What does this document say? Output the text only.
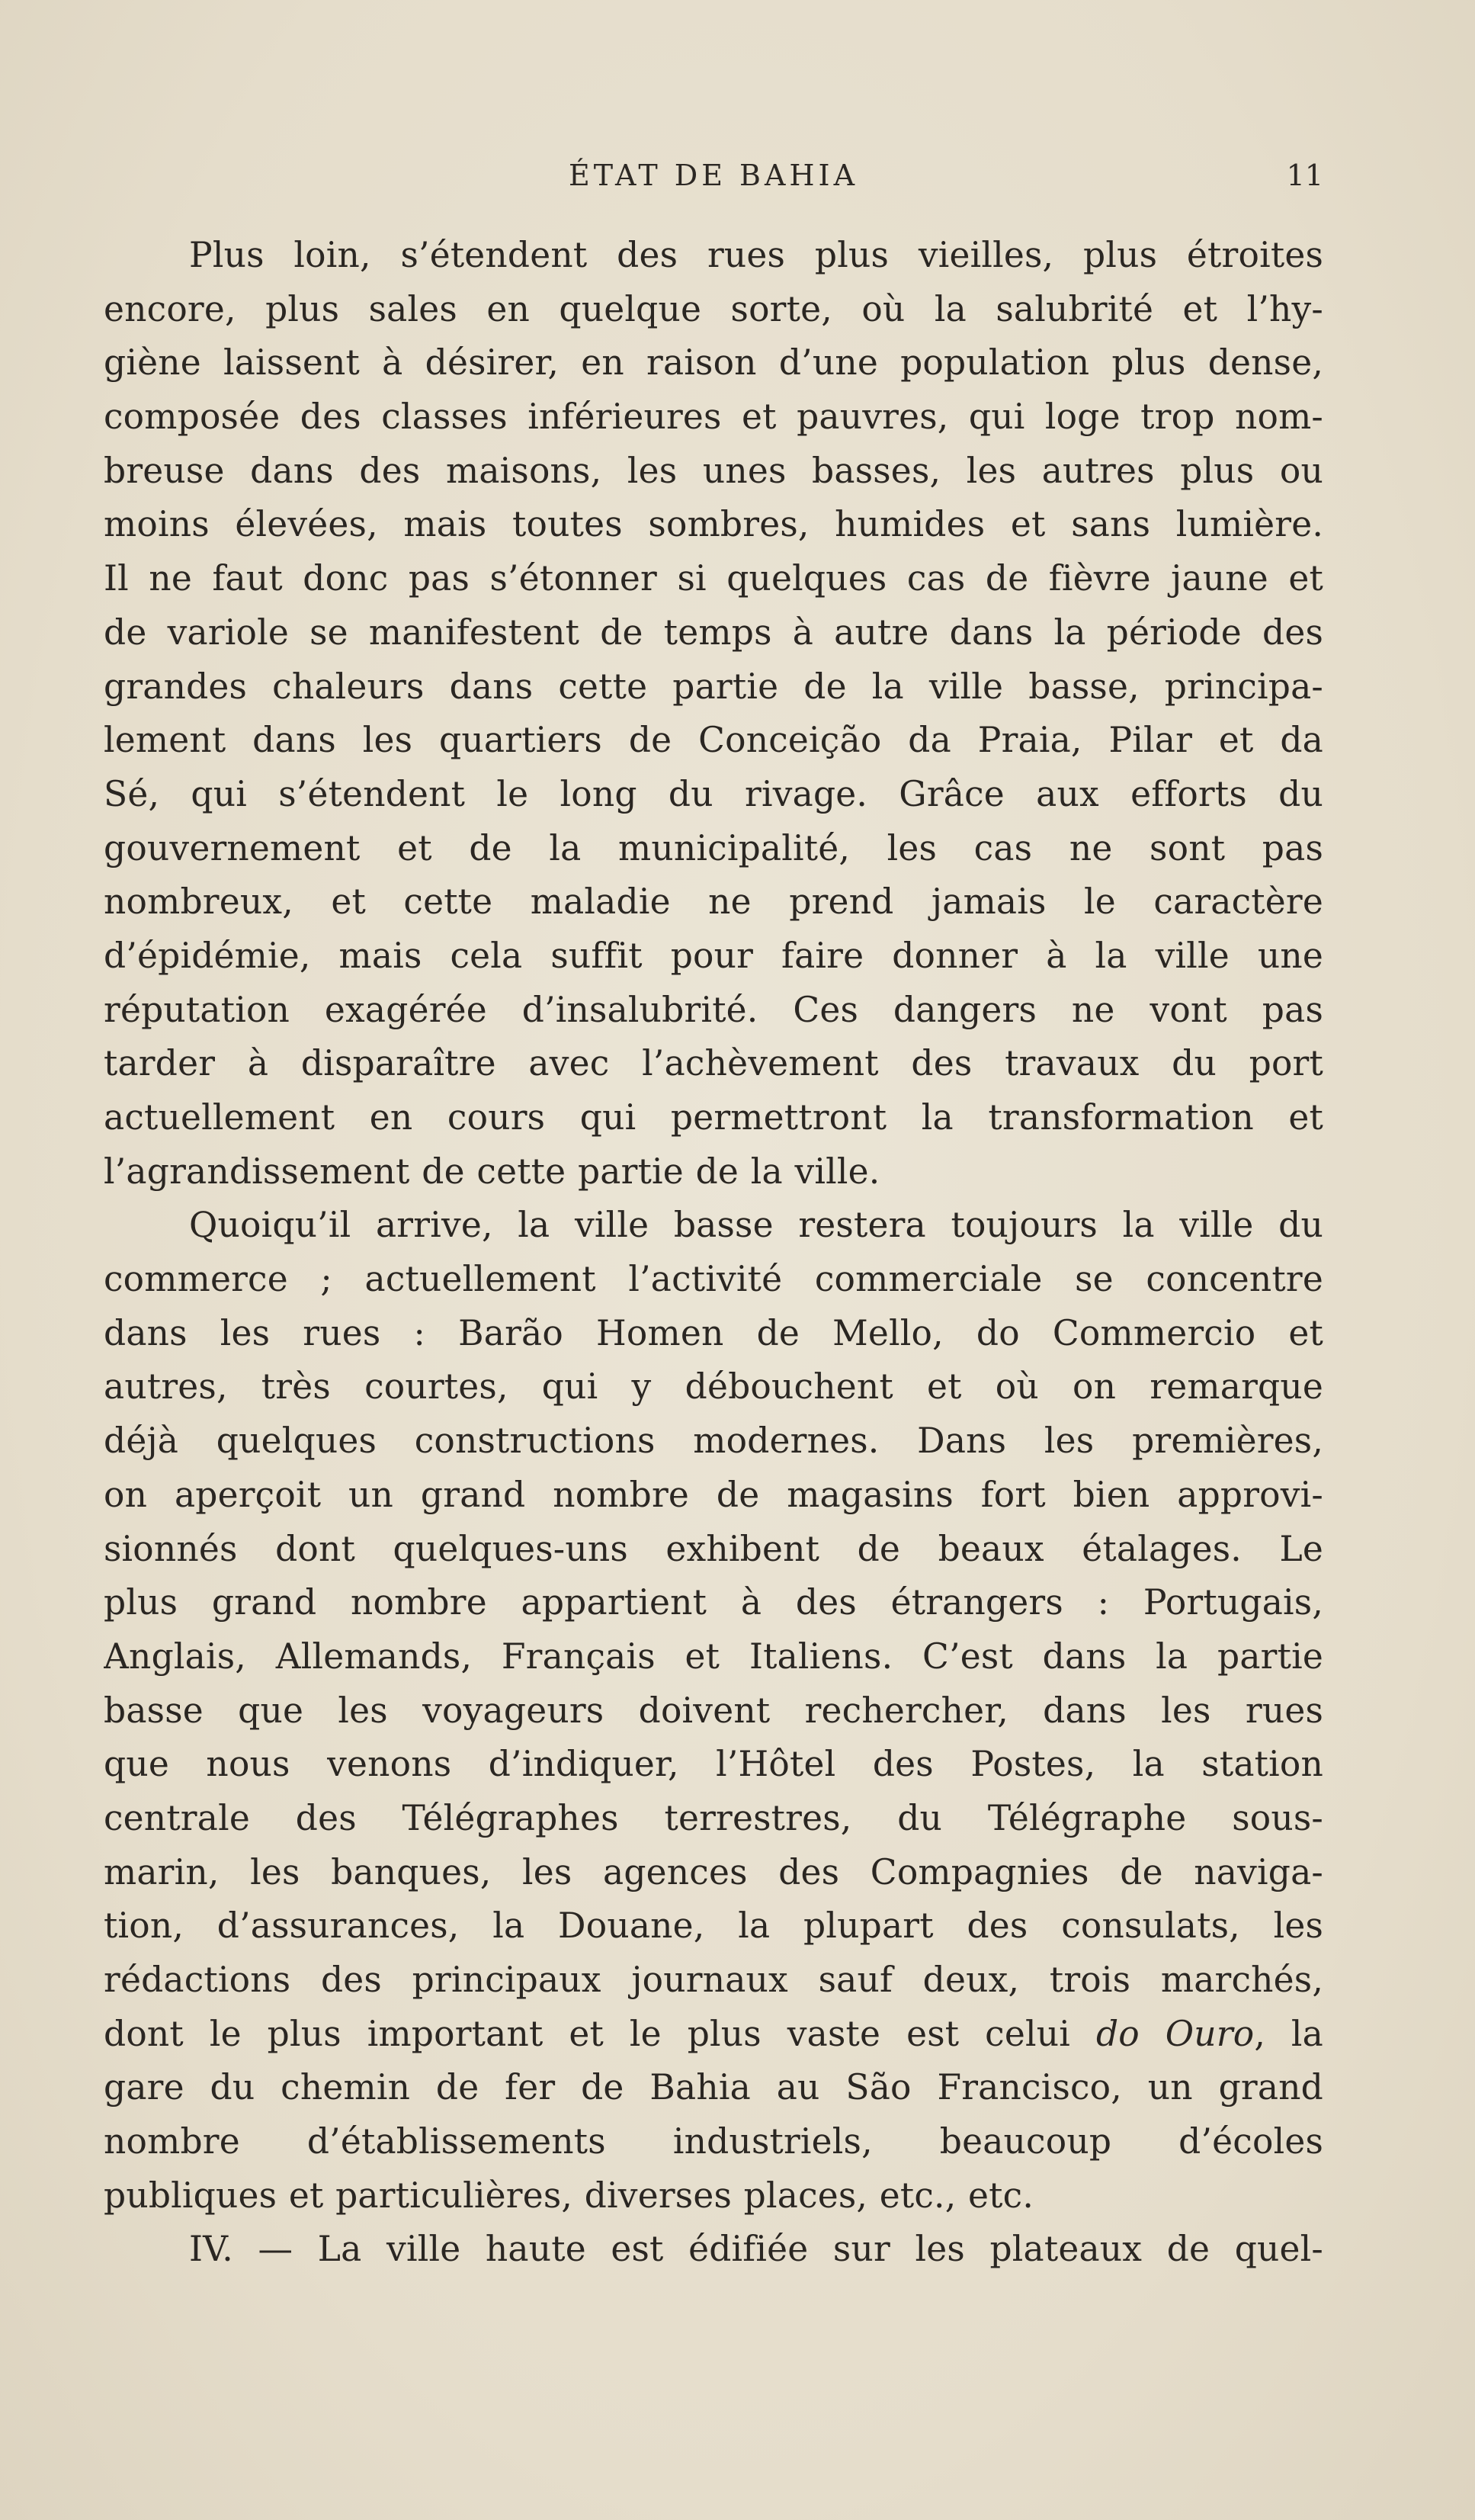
ÉTAT DE BAHIA	11
Plus loin, s’étendent des rues plus vieilles, plus étroites
encore, plus sales en quelque sorte, où la salubrité et l’hy-
giène laissent à désirer, en raison d’une population plus dense,
composée des classes inférieures et pauvres, qui loge trop nom-
breuse dans des maisons, les unes basses, les autres plus ou
moins élevées, mais toutes sombres, humides et sans lumière.
Il ne faut donc pas s’étonner si quelques cas de fièvre jaune et
de variole se manifestent de temps à autre dans la période des
grandes chaleurs dans cette partie de la ville basse, principa-
lement dans les quartiers de Conceição da Praia, Pilar et da
Sé, qui s’étendent le long du rivage. Grâce aux efforts du
gouvernement et de la municipalité, les cas ne sont pas
nombreux, et cette maladie ne prend jamais le caractère
d’épidémie, mais cela suffit pour faire donner à la ville une
réputation exagérée d’insalubrité. Ces dangers ne vont pas
tarder à disparaître avec l’achèvement des travaux du port
actuellement en cours qui permettront la transformation et
l’agrandissement de cette partie de la ville.
Quoiqu’il arrive, la ville basse restera toujours la ville du
commerce ; actuellement l’activité commerciale se concentre
dans les rues : Barão Homen de Mello, do Commercio et
autres, très courtes, qui y débouchent et où on remarque
déjà quelques constructions modernes. Dans les premières,
on aperçoit un grand nombre de magasins fort bien approvi-
sionnés dont quelques-uns exhibent de beaux étalages. Le
plus grand nombre appartient à des étrangers : Portugais,
Anglais, Allemands, Français et Italiens. C’est dans la partie
basse que les voyageurs doivent rechercher, dans les rues
que nous venons d’indiquer, l’Hôtel des Postes, la station
centrale des Télégraphes terrestres, du Télégraphe sous-
marin, les banques, les agences des Compagnies de naviga-
tion, d’assurances, la Douane, la plupart des consulats, les
rédactions des principaux journaux sauf deux, trois marchés,
dont le plus important et le plus vaste est celui do Ouro, la
gare du chemin de fer de Bahia au São Francisco, un grand
nombre d’établissements industriels, beaucoup d’écoles
publiques et particulières, diverses places, etc., etc.
IV. — La ville haute est édifiée sur les plateaux de quel-
